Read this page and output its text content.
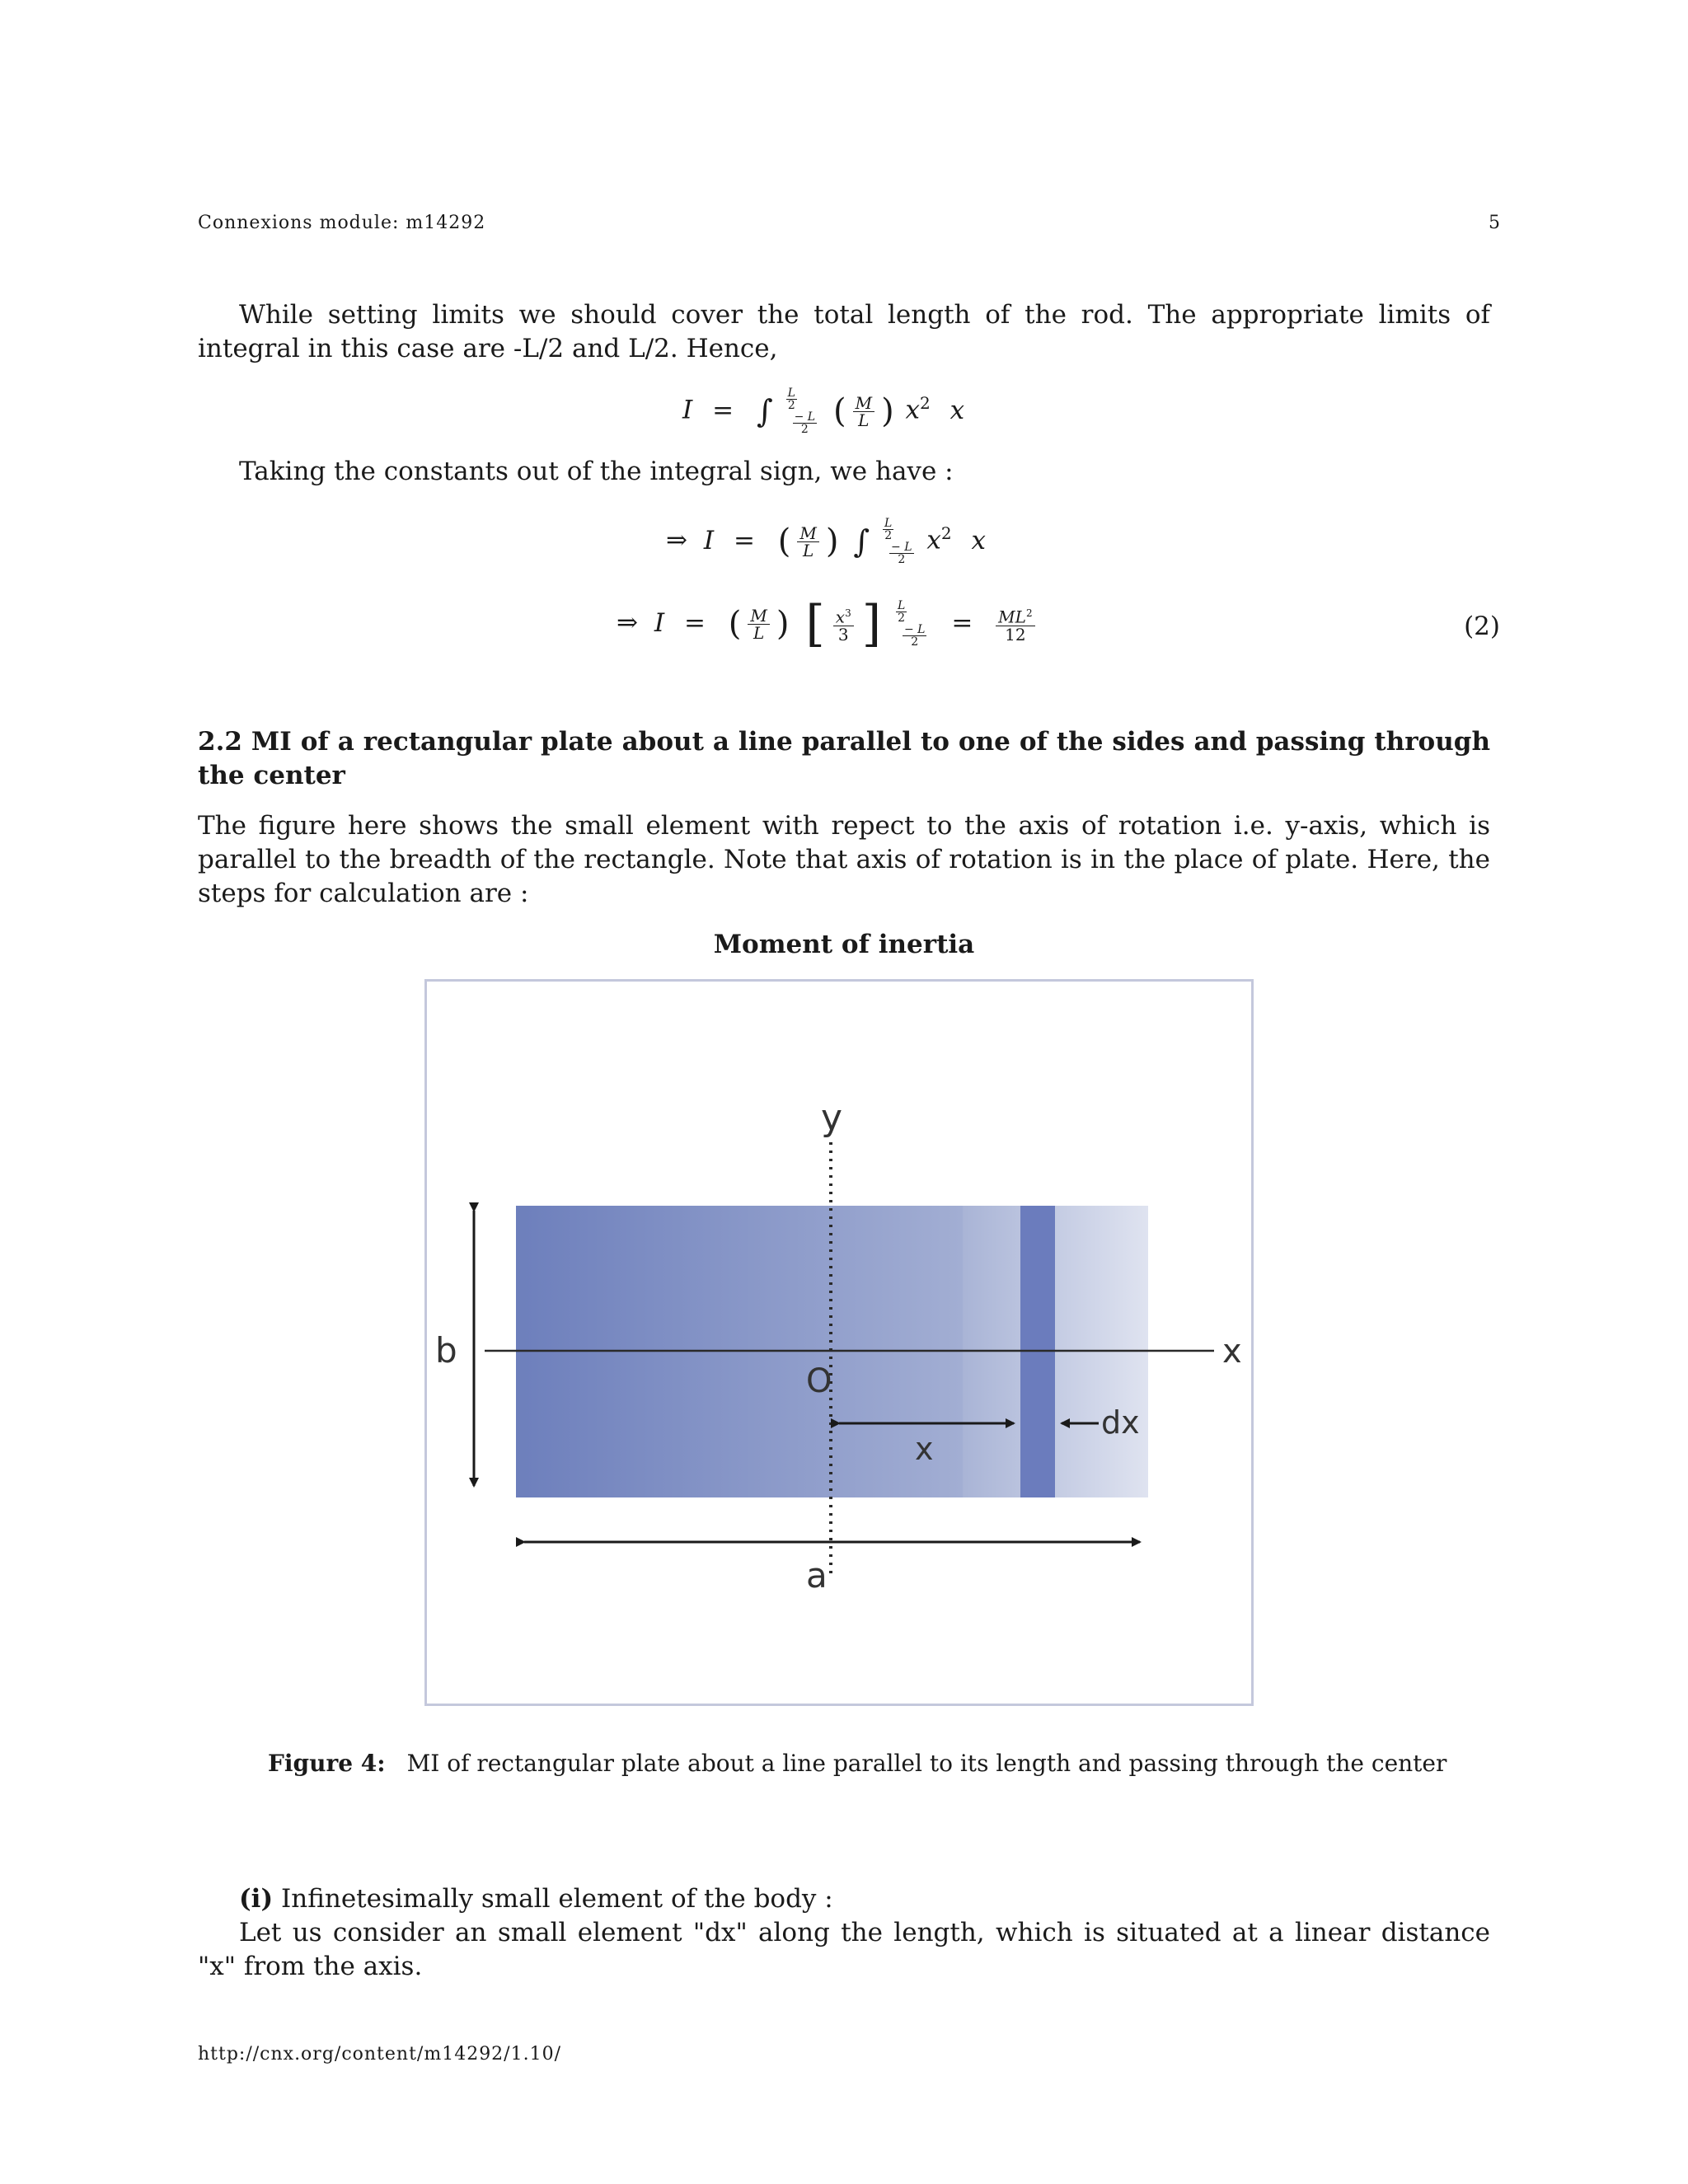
Connexions module: m14292	5
While setting limits we should cover the total length of the rod. The appropriate limits of integral in this case are -L/2 and L/2. Hence,
I = ∫ $\frac{L}{2}$
$\frac{- L}{2}$ ( $\frac{M}{L}$ ) $x^2$ x
Taking the constants out of the integral sign, we have :
⇒ I = ( $\frac{M}{L}$ ) ∫ $\frac{L}{2}$
$\frac{- L}{2} x^2$ x
⇒ I = ( $\frac{M}{L}$ ) [ $\frac{x^3}{3}$ ] $\frac{L}{2}$
$\frac{- L}{2} = \frac{ML^2}{12}$	(2)
2.2 MI of a rectangular plate about a line parallel to one of the sides and passing through the center
The figure here shows the small element with repect to the axis of rotation i.e. y-axis, which is parallel to the breadth of the rectangle. Note that axis of rotation is in the place of plate. Here, the steps for calculation are :
Moment of inertia
y
x
O
b
a
x
dx
Figure 4: MI of rectangular plate about a line parallel to its length and passing through the center
(i) Infinetesimally small element of the body :
Let us consider an small element "dx" along the length, which is situated at a linear distance "x" from the axis.
http://cnx.org/content/m14292/1.10/
